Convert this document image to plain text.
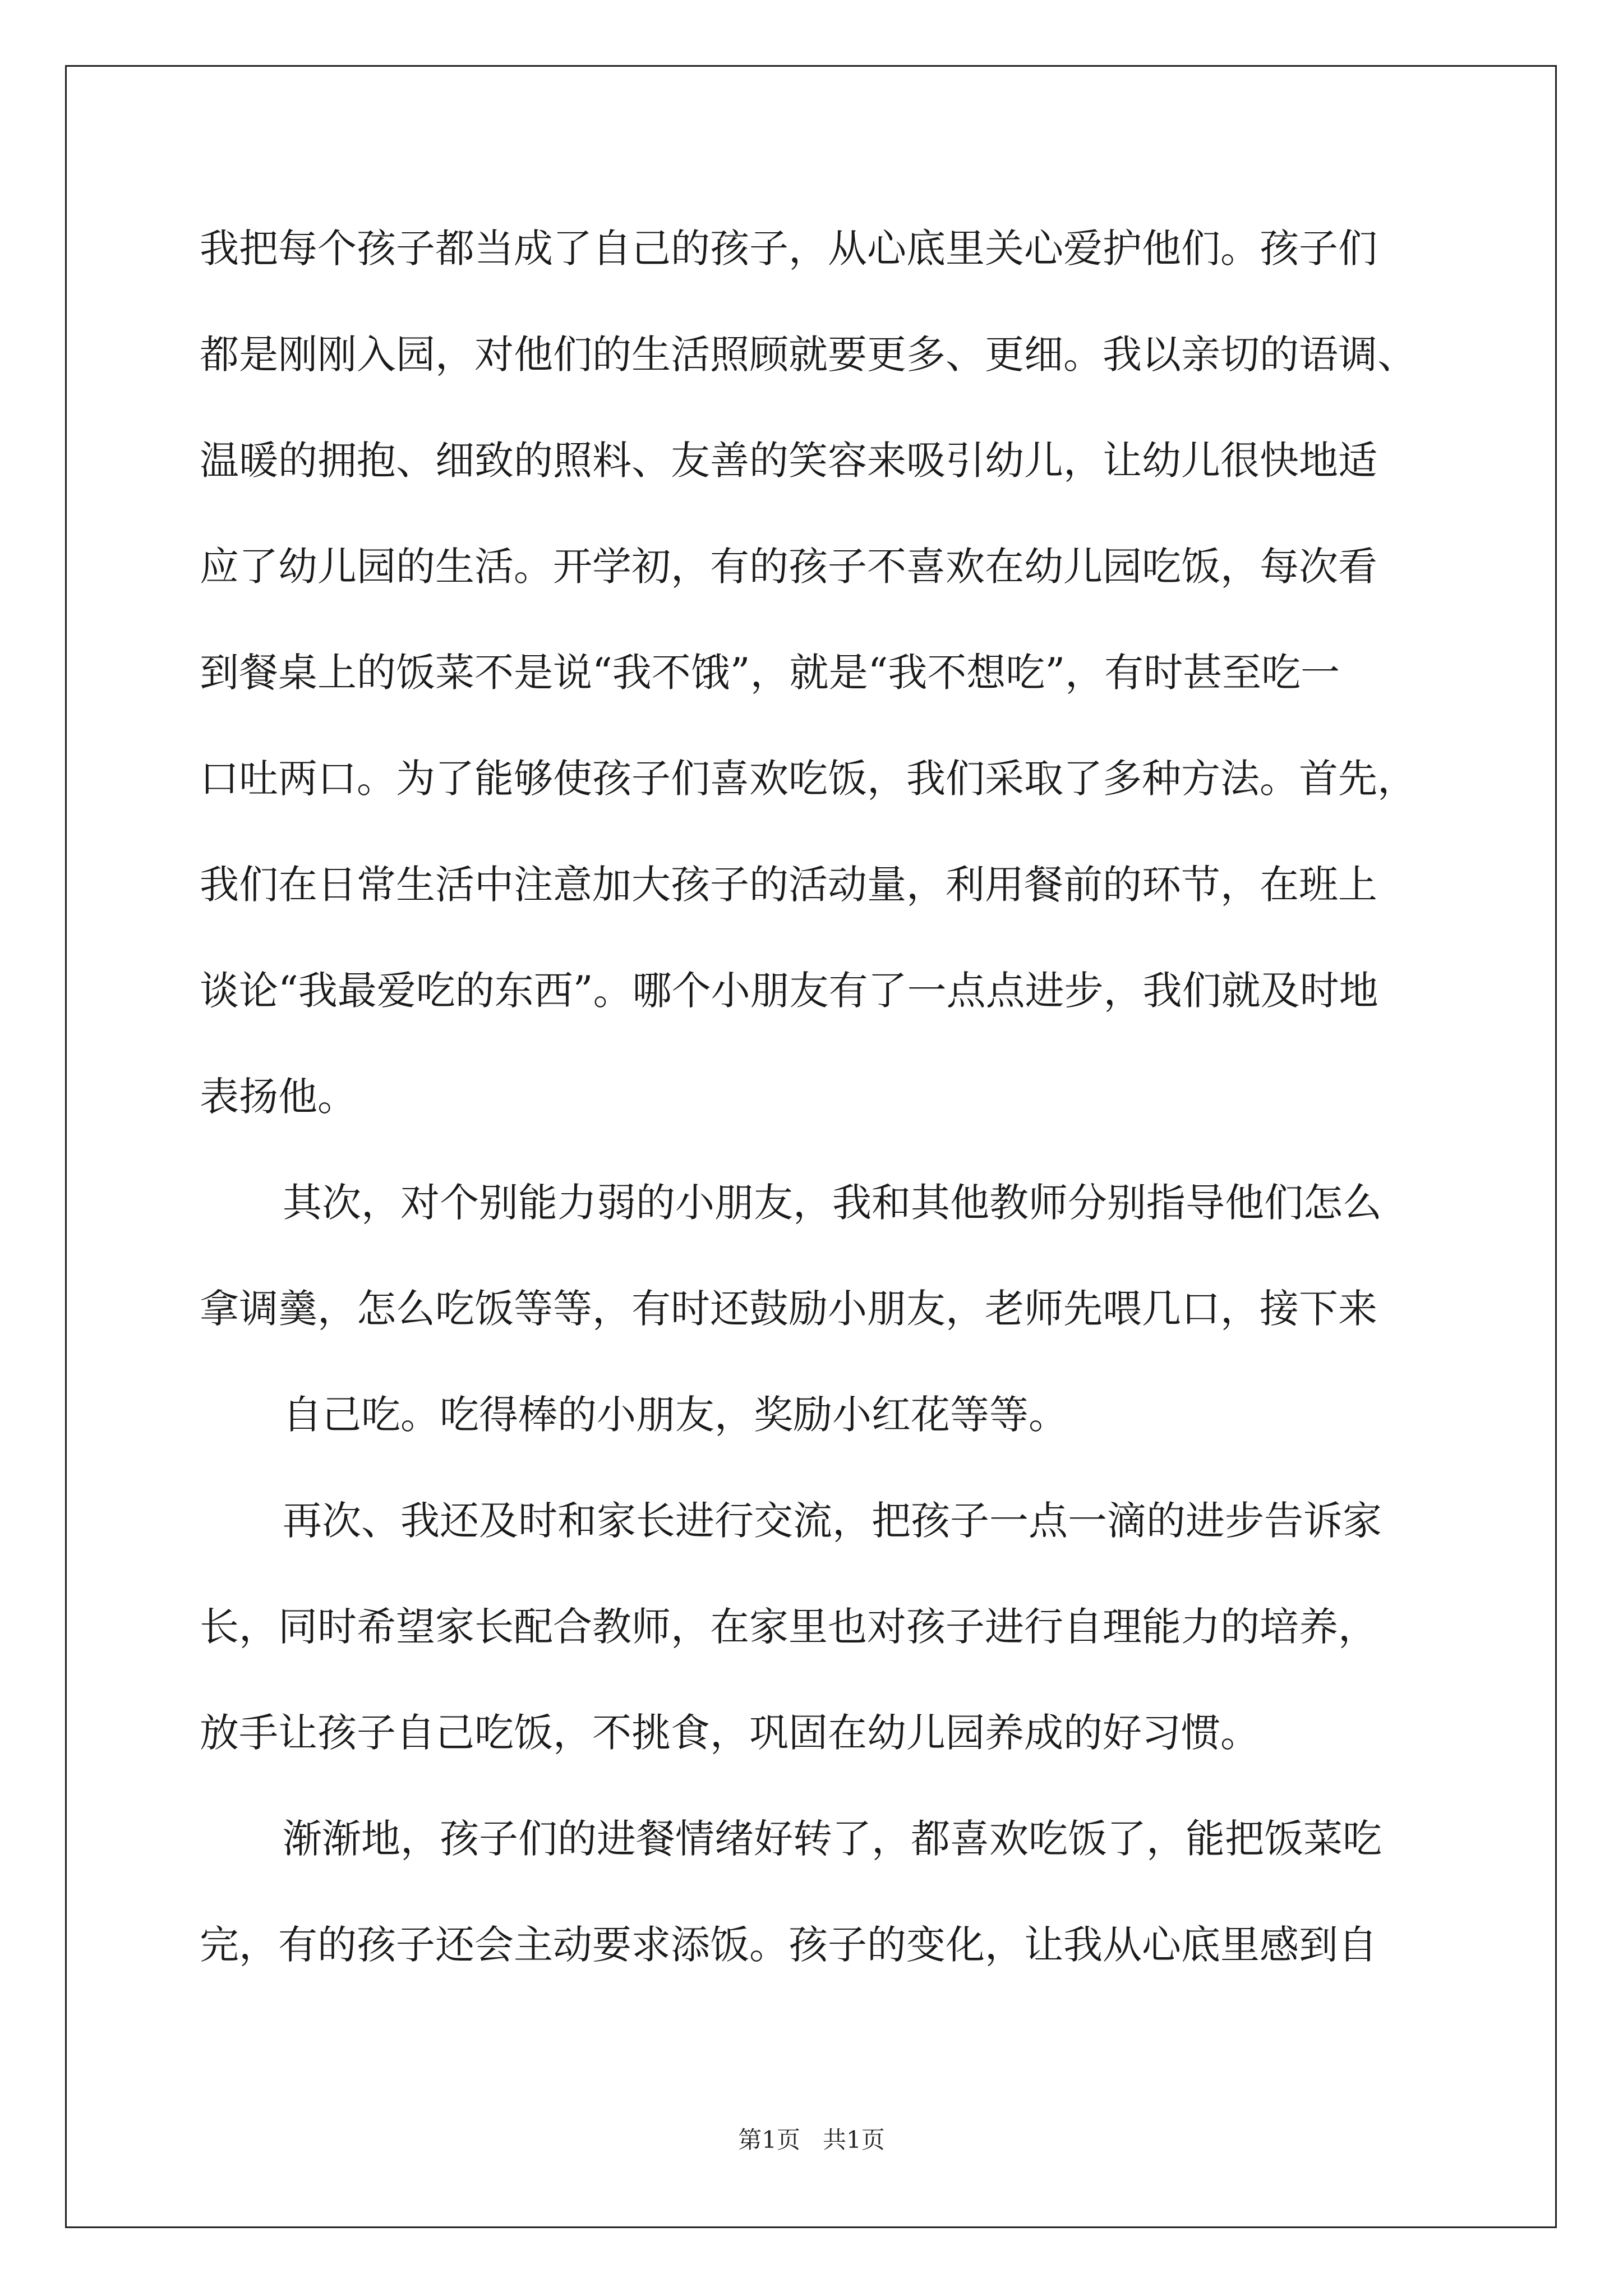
我把每个孩子都当成了自己的孩子，从心底里关心爱护他们。孩子们
都是刚刚入园，对他们的生活照顾就要更多、更细。我以亲切的语调、
温暖的拥抱、细致的照料、友善的笑容来吸引幼儿，让幼儿很快地适
应了幼儿园的生活。开学初，有的孩子不喜欢在幼儿园吃饭，每次看
到餐桌上的饭菜不是说“我不饿”，就是“我不想吃”，有时甚至吃一
口吐两口。为了能够使孩子们喜欢吃饭，我们采取了多种方法。首先，
我们在日常生活中注意加大孩子的活动量，利用餐前的环节，在班上
谈论“我最爱吃的东西”。哪个小朋友有了一点点进步，我们就及时地
表扬他。
其次，对个别能力弱的小朋友，我和其他教师分别指导他们怎么
拿调羹，怎么吃饭等等，有时还鼓励小朋友，老师先喂几口，接下来
自己吃。吃得棒的小朋友，奖励小红花等等。
再次、我还及时和家长进行交流，把孩子一点一滴的进步告诉家
长，同时希望家长配合教师，在家里也对孩子进行自理能力的培养，
放手让孩子自己吃饭，不挑食，巩固在幼儿园养成的好习惯。
渐渐地，孩子们的进餐情绪好转了，都喜欢吃饭了，能把饭菜吃
完，有的孩子还会主动要求添饭。孩子的变化，让我从心底里感到自
第1页   共1页
